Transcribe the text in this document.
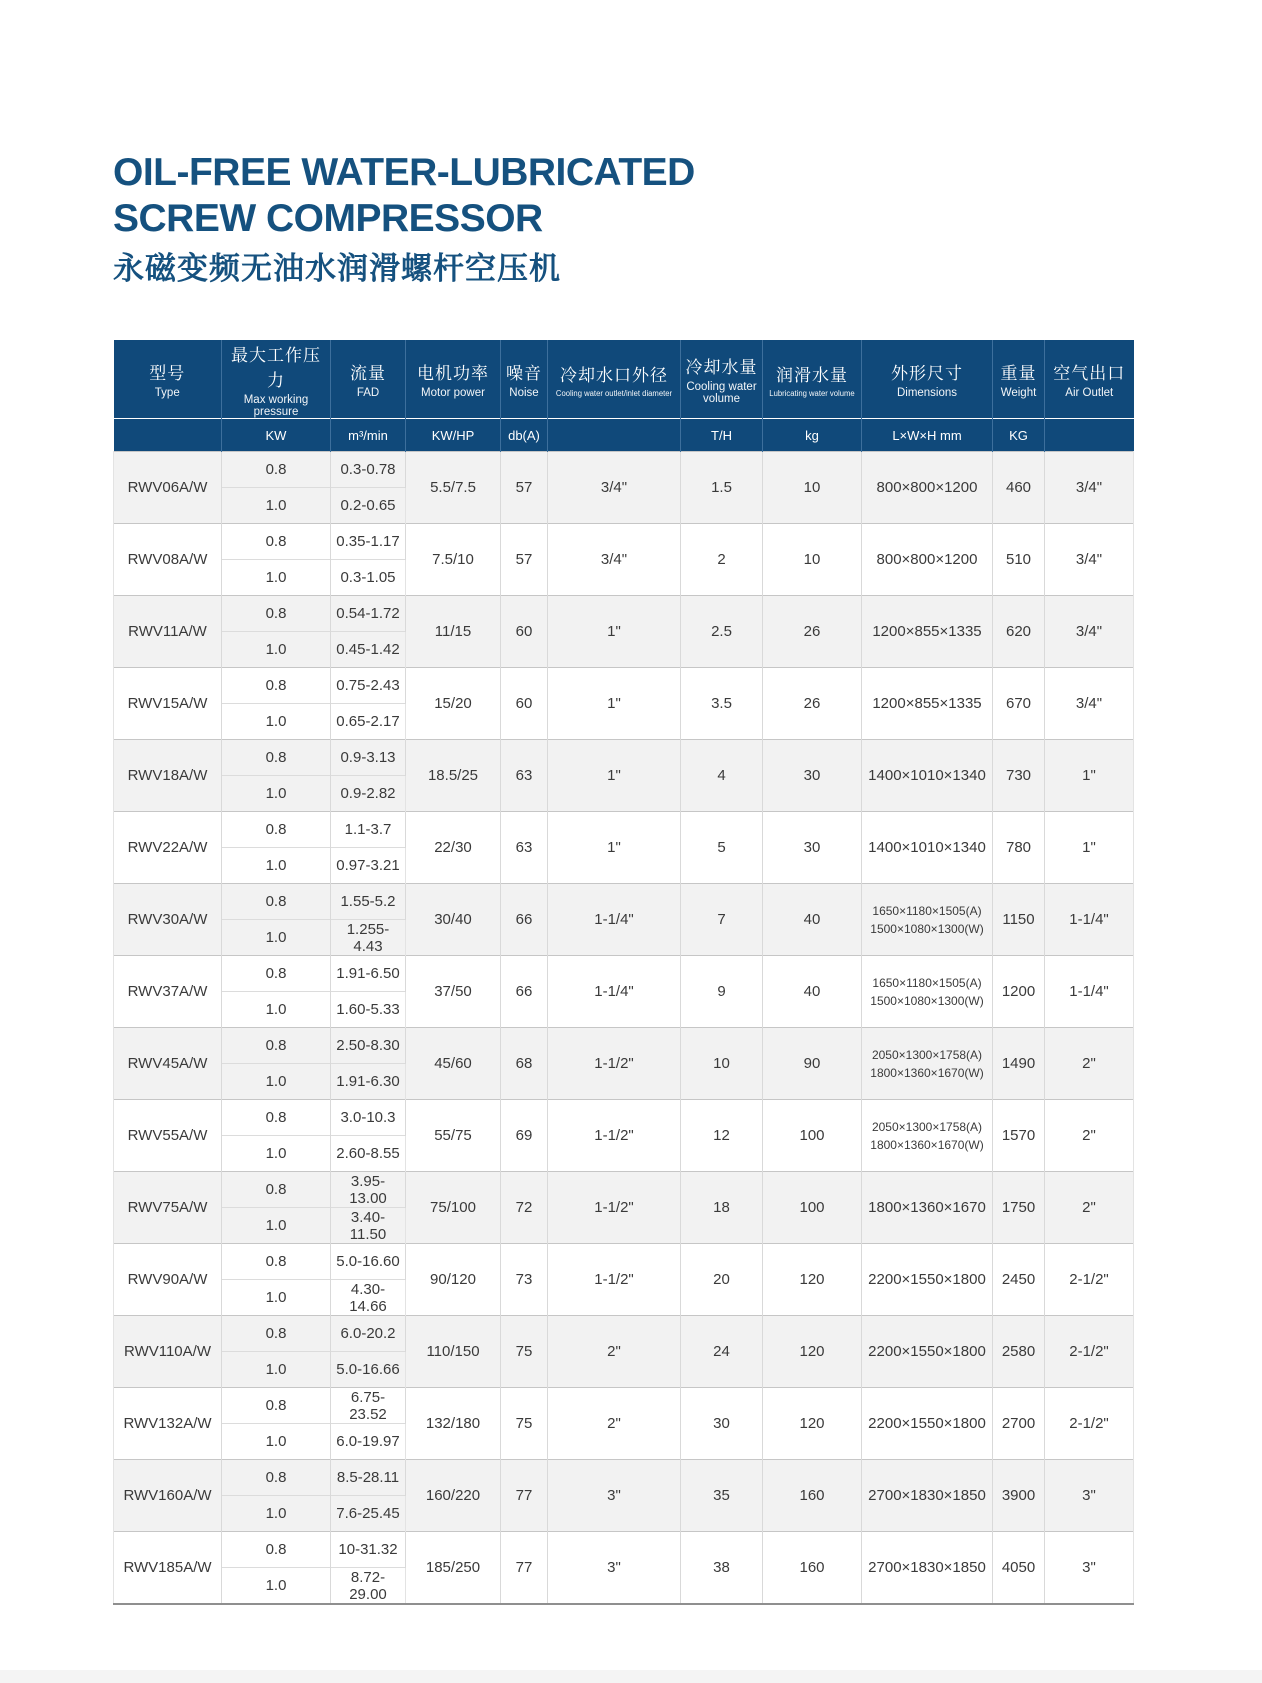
OIL-FREE WATER-LUBRICATED
SCREW COMPRESSOR
永磁变频无油水润滑螺杆空压机
型号
Type

最大工作压力
Max working pressure

流量
FAD

电机功率
Motor power

噪音
Noise

冷却水口外径
Cooling water outlet/inlet diameter

冷却水量
Cooling water volume

润滑水量
Lubricating water volume

外形尺寸
Dimensions

重量
Weight

空气出口
Air Outlet

	KW	m³/min	KW/HP	db(A)		T/H	kg	L×W×H mm	KG	
RWV06A/W	0.8	0.3-0.78	5.5/7.5	57	3/4"	1.5	10	800×800×1200	460	3/4"
	1.0	0.2-0.65								
RWV08A/W	0.8	0.35-1.17	7.5/10	57	3/4"	2	10	800×800×1200	510	3/4"
	1.0	0.3-1.05								
RWV11A/W	0.8	0.54-1.72	11/15	60	1"	2.5	26	1200×855×1335	620	3/4"
	1.0	0.45-1.42								
RWV15A/W	0.8	0.75-2.43	15/20	60	1"	3.5	26	1200×855×1335	670	3/4"
	1.0	0.65-2.17								
RWV18A/W	0.8	0.9-3.13	18.5/25	63	1"	4	30	1400×1010×1340	730	1"
	1.0	0.9-2.82								
RWV22A/W	0.8	1.1-3.7	22/30	63	1"	5	30	1400×1010×1340	780	1"
	1.0	0.97-3.21								
RWV30A/W	0.8	1.55-5.2	30/40	66	1-1/4"	7	40	1650×1180×1505(A)
1500×1080×1300(W)	1150	1-1/4"
	1.0	1.255-4.43								
RWV37A/W	0.8	1.91-6.50	37/50	66	1-1/4"	9	40	1650×1180×1505(A)
1500×1080×1300(W)	1200	1-1/4"
	1.0	1.60-5.33								
RWV45A/W	0.8	2.50-8.30	45/60	68	1-1/2"	10	90	2050×1300×1758(A)
1800×1360×1670(W)	1490	2"
	1.0	1.91-6.30								
RWV55A/W	0.8	3.0-10.3	55/75	69	1-1/2"	12	100	2050×1300×1758(A)
1800×1360×1670(W)	1570	2"
	1.0	2.60-8.55								
RWV75A/W	0.8	3.95-13.00	75/100	72	1-1/2"	18	100	1800×1360×1670	1750	2"
	1.0	3.40-11.50								
RWV90A/W	0.8	5.0-16.60	90/120	73	1-1/2"	20	120	2200×1550×1800	2450	2-1/2"
	1.0	4.30-14.66								
RWV110A/W	0.8	6.0-20.2	110/150	75	2"	24	120	2200×1550×1800	2580	2-1/2"
	1.0	5.0-16.66								
RWV132A/W	0.8	6.75-23.52	132/180	75	2"	30	120	2200×1550×1800	2700	2-1/2"
	1.0	6.0-19.97								
RWV160A/W	0.8	8.5-28.11	160/220	77	3"	35	160	2700×1830×1850	3900	3"
	1.0	7.6-25.45								
RWV185A/W	0.8	10-31.32	185/250	77	3"	38	160	2700×1830×1850	4050	3"
	1.0	8.72-29.00								
